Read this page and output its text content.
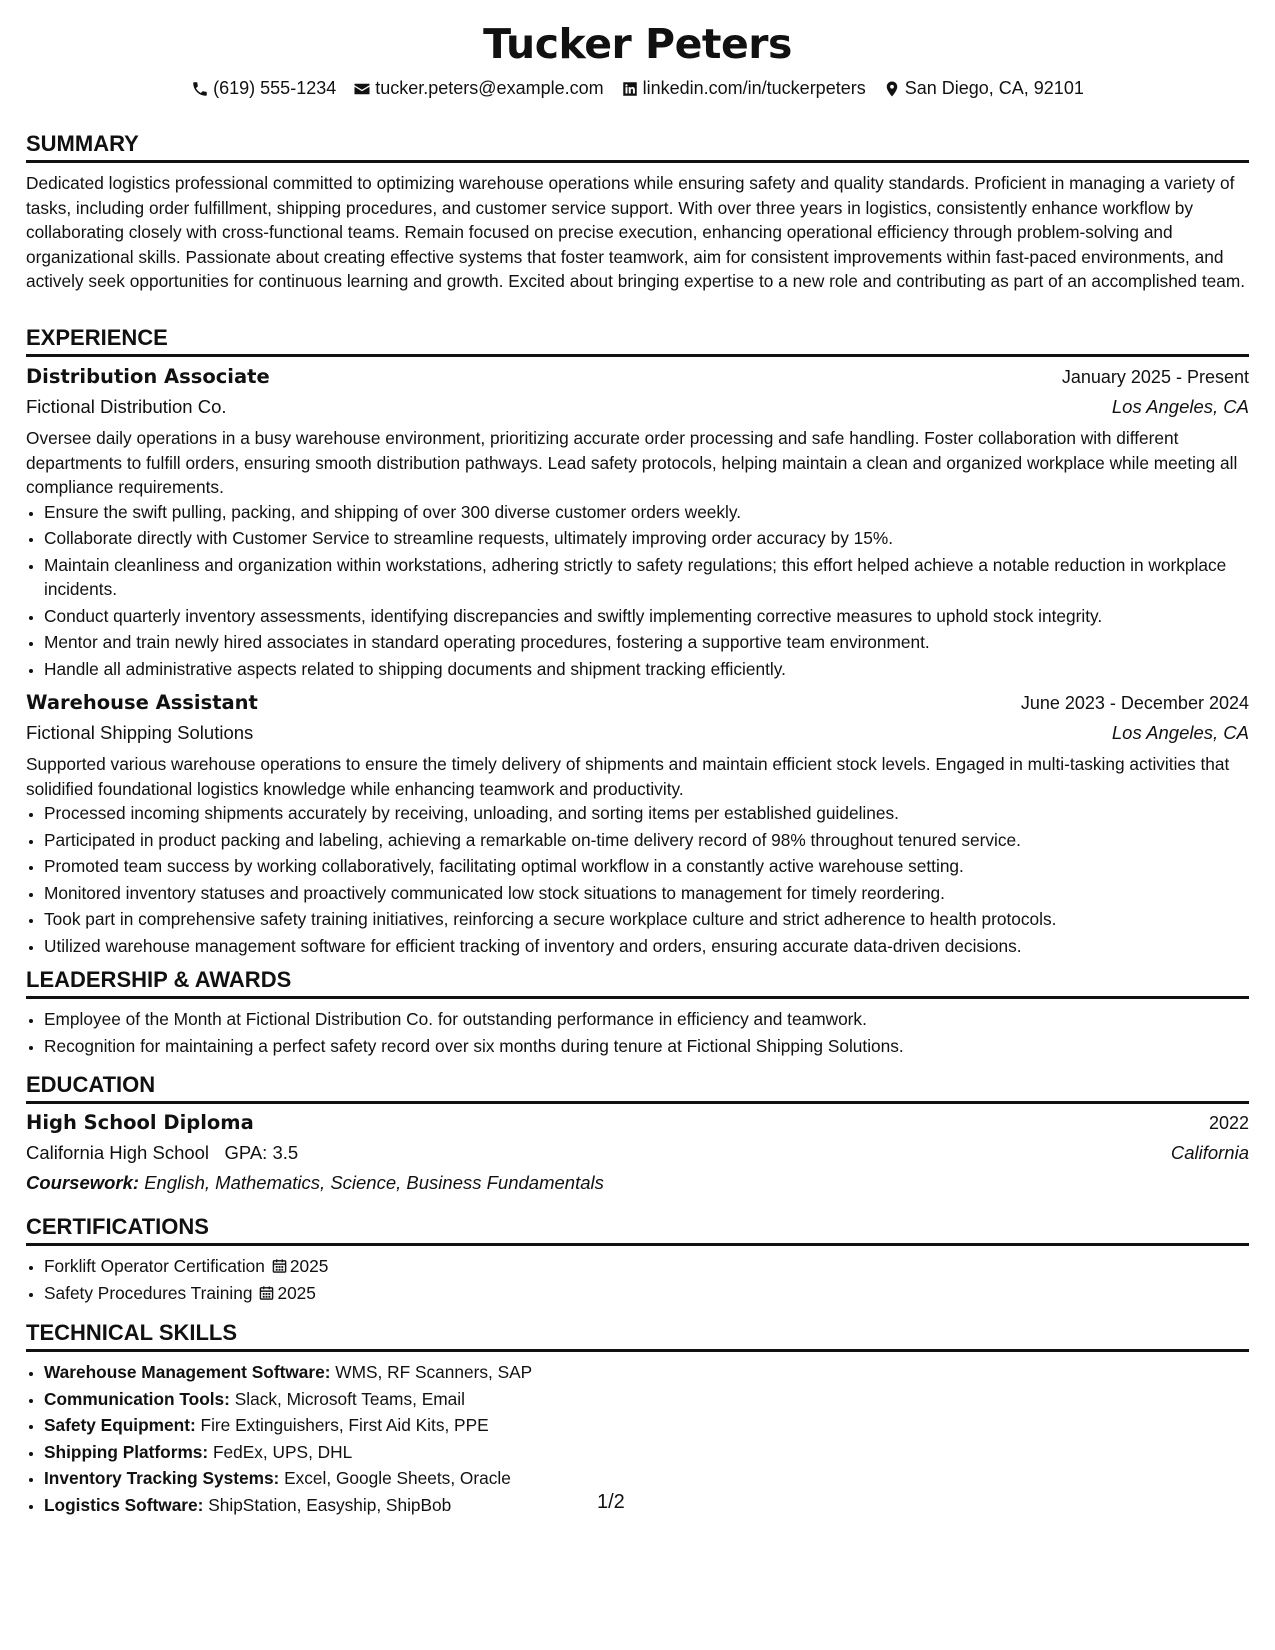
Tucker Peters
(619) 555-1234 tucker.peters@example.com linkedin.com/in/tuckerpeters San Diego, CA, 92101
SUMMARY
Dedicated logistics professional committed to optimizing warehouse operations while ensuring safety and quality standards. Proficient in managing a variety of tasks, including order fulfillment, shipping procedures, and customer service support. With over three years in logistics, consistently enhance workflow by collaborating closely with cross-functional teams. Remain focused on precise execution, enhancing operational efficiency through problem-solving and organizational skills. Passionate about creating effective systems that foster teamwork, aim for consistent improvements within fast-paced environments, and actively seek opportunities for continuous learning and growth. Excited about bringing expertise to a new role and contributing as part of an accomplished team.
EXPERIENCE
Distribution Associate	January 2025 - Present
Fictional Distribution Co.	Los Angeles, CA
Oversee daily operations in a busy warehouse environment, prioritizing accurate order processing and safe handling. Foster collaboration with different departments to fulfill orders, ensuring smooth distribution pathways. Lead safety protocols, helping maintain a clean and organized workplace while meeting all compliance requirements.
• Ensure the swift pulling, packing, and shipping of over 300 diverse customer orders weekly.
• Collaborate directly with Customer Service to streamline requests, ultimately improving order accuracy by 15%.
• Maintain cleanliness and organization within workstations, adhering strictly to safety regulations; this effort helped achieve a notable reduction in workplace incidents.
• Conduct quarterly inventory assessments, identifying discrepancies and swiftly implementing corrective measures to uphold stock integrity.
• Mentor and train newly hired associates in standard operating procedures, fostering a supportive team environment.
• Handle all administrative aspects related to shipping documents and shipment tracking efficiently.
Warehouse Assistant	June 2023 - December 2024
Fictional Shipping Solutions	Los Angeles, CA
Supported various warehouse operations to ensure the timely delivery of shipments and maintain efficient stock levels. Engaged in multi-tasking activities that solidified foundational logistics knowledge while enhancing teamwork and productivity.
• Processed incoming shipments accurately by receiving, unloading, and sorting items per established guidelines.
• Participated in product packing and labeling, achieving a remarkable on-time delivery record of 98% throughout tenured service.
• Promoted team success by working collaboratively, facilitating optimal workflow in a constantly active warehouse setting.
• Monitored inventory statuses and proactively communicated low stock situations to management for timely reordering.
• Took part in comprehensive safety training initiatives, reinforcing a secure workplace culture and strict adherence to health protocols.
• Utilized warehouse management software for efficient tracking of inventory and orders, ensuring accurate data-driven decisions.
LEADERSHIP & AWARDS
• Employee of the Month at Fictional Distribution Co. for outstanding performance in efficiency and teamwork.
• Recognition for maintaining a perfect safety record over six months during tenure at Fictional Shipping Solutions.
EDUCATION
High School Diploma	2022
California High School GPA: 3.5	California
Coursework: English, Mathematics, Science, Business Fundamentals
CERTIFICATIONS
• Forklift Operator Certification 2025
• Safety Procedures Training 2025
TECHNICAL SKILLS
• Warehouse Management Software: WMS, RF Scanners, SAP
• Communication Tools: Slack, Microsoft Teams, Email
• Safety Equipment: Fire Extinguishers, First Aid Kits, PPE
• Shipping Platforms: FedEx, UPS, DHL
• Inventory Tracking Systems: Excel, Google Sheets, Oracle
• Logistics Software: ShipStation, Easyship, ShipBob	1/2
